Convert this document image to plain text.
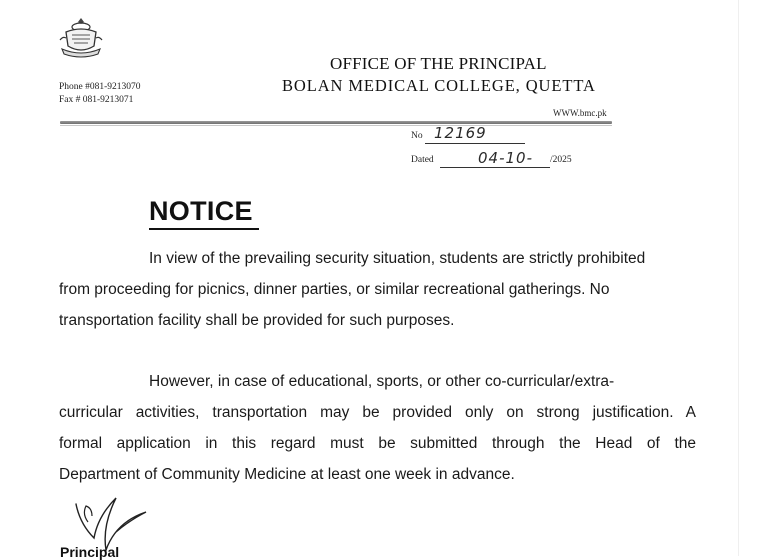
Phone #081-9213070
Fax # 081-9213071
OFFICE OF THE PRINCIPAL
BOLAN MEDICAL COLLEGE, QUETTA
WWW.bmc.pk
No 12169
Dated	04-10- /2025
NOTICE
In view of the prevailing security situation, students are strictly prohibited
from proceeding for picnics, dinner parties, or similar recreational gatherings. No
transportation facility shall be provided for such purposes.
However, in case of educational, sports, or other co-curricular/extra-
curricular activities, transportation may be provided only on strong justification. A
formal application in this regard must be submitted through the Head of the
Department of Community Medicine at least one week in advance.
Principal
